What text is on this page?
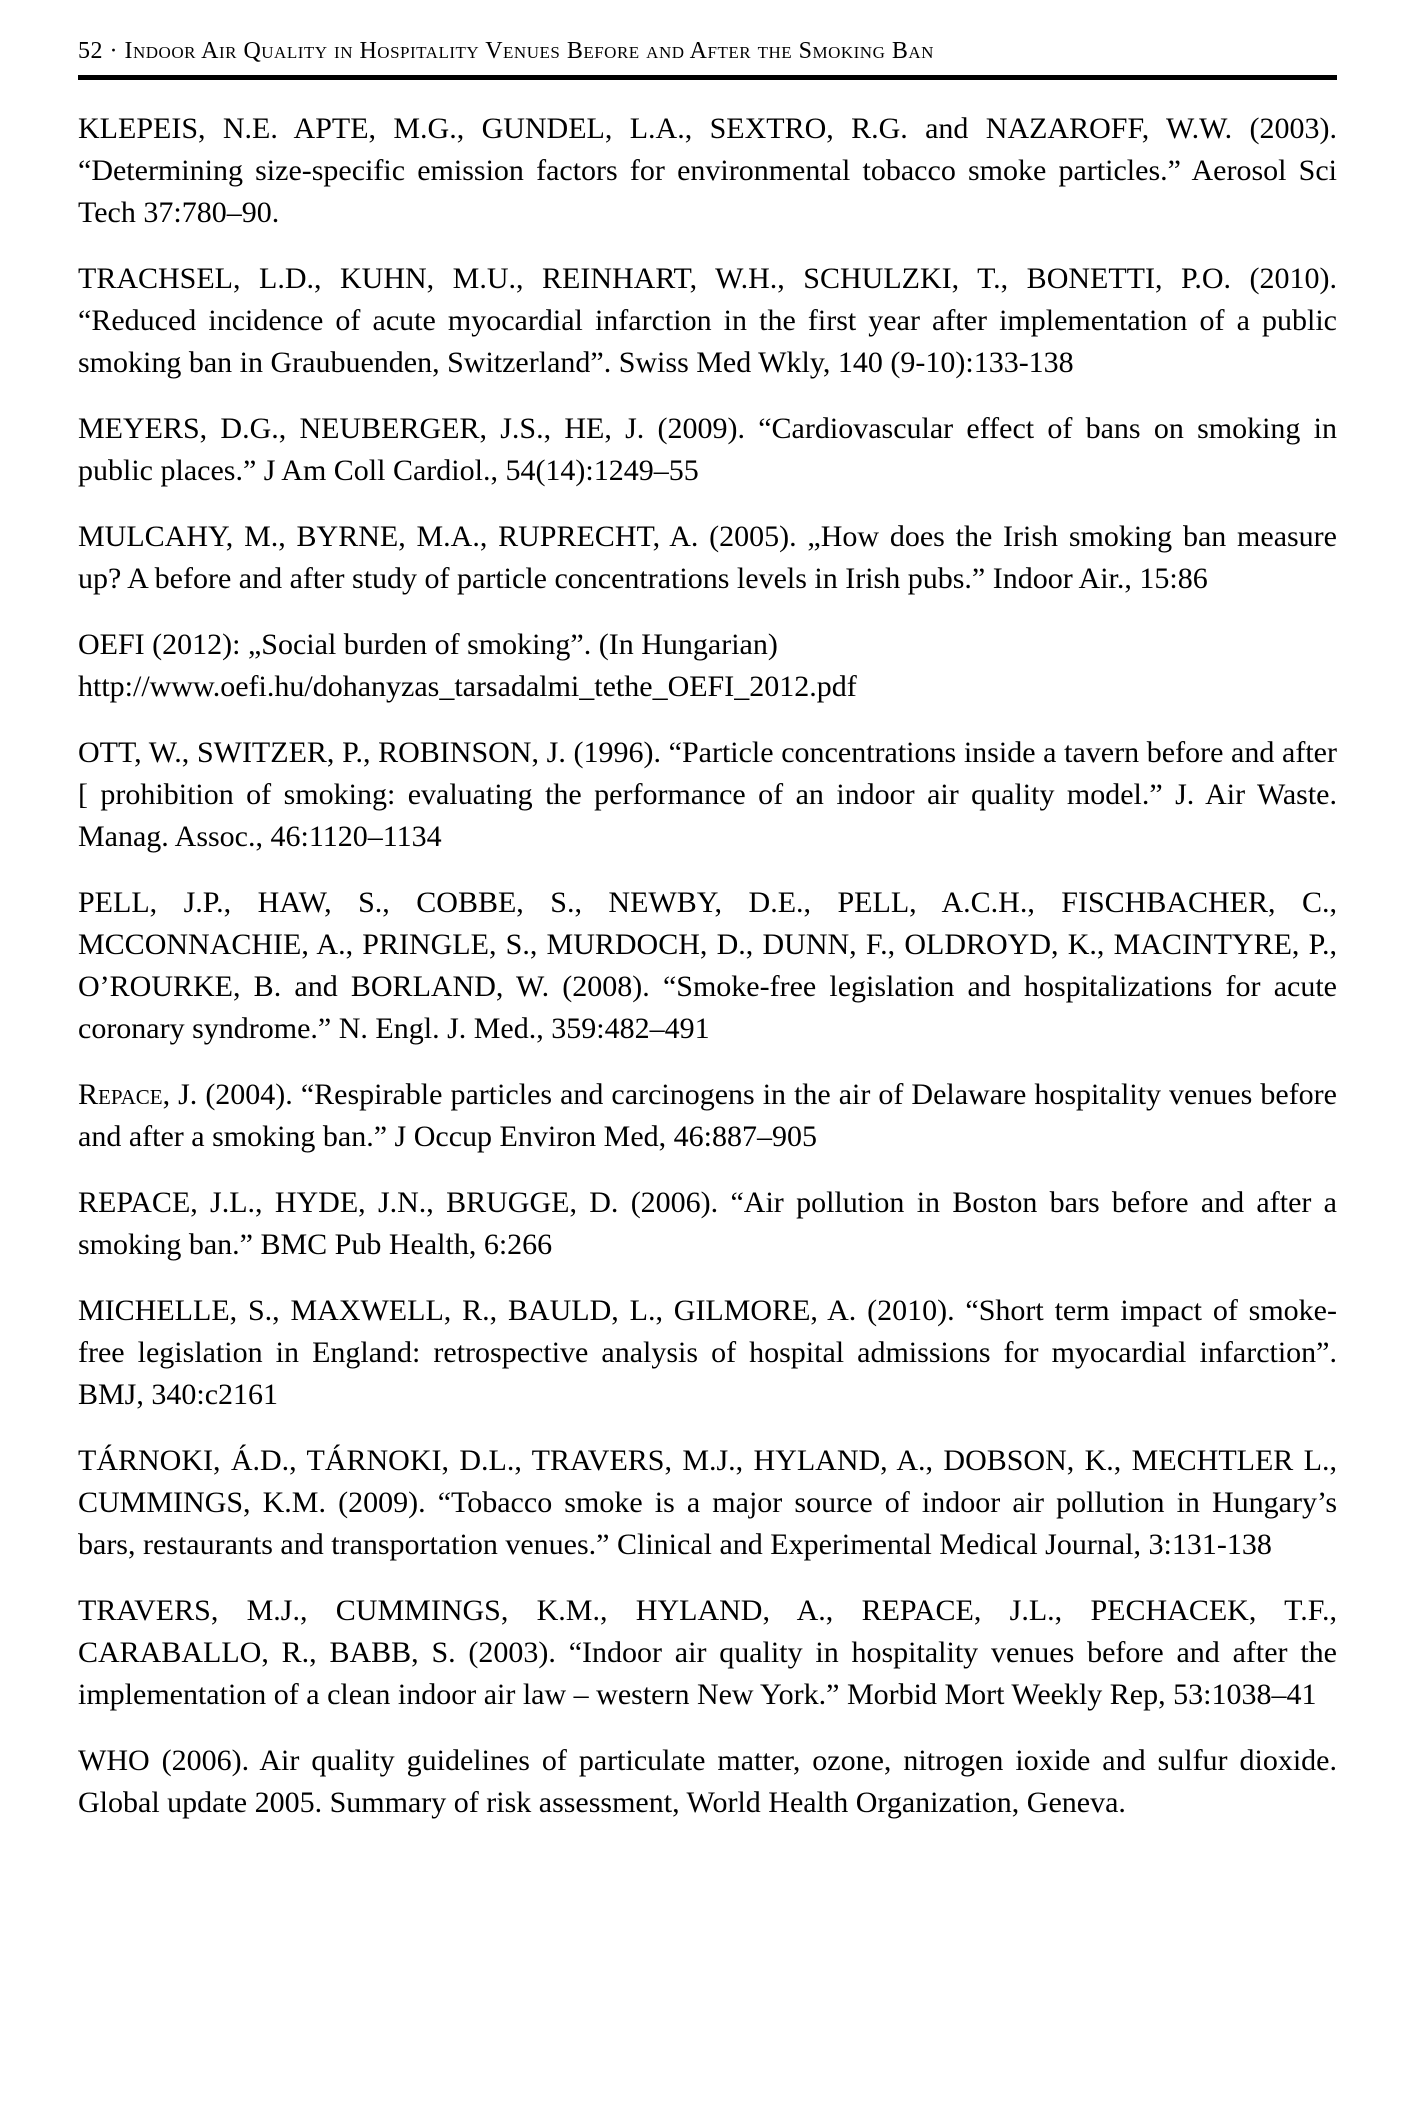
52 · Indoor Air Quality in Hospitality Venues Before and After the Smoking Ban

KLEPEIS, N.E. APTE, M.G., GUNDEL, L.A., SEXTRO, R.G. and NAZAROFF, W.W. (2003). “Determining size-specific emission factors for environmental tobacco smoke particles.” Aerosol Sci Tech 37:780–90.

TRACHSEL, L.D., KUHN, M.U., REINHART, W.H., SCHULZKI, T., BONETTI, P.O. (2010). “Reduced incidence of acute myocardial infarction in the first year after implementation of a public smoking ban in Graubuenden, Switzerland”. Swiss Med Wkly, 140 (9-10):133-138

MEYERS, D.G., NEUBERGER, J.S., HE, J. (2009). “Cardiovascular effect of bans on smoking in public places.” J Am Coll Cardiol., 54(14):1249–55

MULCAHY, M., BYRNE, M.A., RUPRECHT, A. (2005). „How does the Irish smoking ban measure up? A before and after study of particle concentrations levels in Irish pubs.” Indoor Air., 15:86

OEFI (2012): „Social burden of smoking”. (In Hungarian)
http://www.oefi.hu/dohanyzas_tarsadalmi_tethe_OEFI_2012.pdf

OTT, W., SWITZER, P., ROBINSON, J. (1996). “Particle concentrations inside a tavern before and after [ prohibition of smoking: evaluating the performance of an indoor air quality model.” J. Air Waste. Manag. Assoc., 46:1120–1134

PELL, J.P., HAW, S., COBBE, S., NEWBY, D.E., PELL, A.C.H., FISCHBACHER, C., MCCONNACHIE, A., PRINGLE, S., MURDOCH, D., DUNN, F., OLDROYD, K., MACINTYRE, P., O’ROURKE, B. and BORLAND, W. (2008). “Smoke-free legislation and hospitalizations for acute coronary syndrome.” N. Engl. J. Med., 359:482–491

Repace, J. (2004). “Respirable particles and carcinogens in the air of Delaware hospitality venues before and after a smoking ban.” J Occup Environ Med, 46:887–905

REPACE, J.L., HYDE, J.N., BRUGGE, D. (2006). “Air pollution in Boston bars before and after a smoking ban.” BMC Pub Health, 6:266

MICHELLE, S., MAXWELL, R., BAULD, L., GILMORE, A. (2010). “Short term impact of smoke-free legislation in England: retrospective analysis of hospital admissions for myocardial infarction”. BMJ, 340:c2161

TÁRNOKI, Á.D., TÁRNOKI, D.L., TRAVERS, M.J., HYLAND, A., DOBSON, K., MECHTLER L., CUMMINGS, K.M. (2009). “Tobacco smoke is a major source of indoor air pollution in Hungary’s bars, restaurants and transportation venues.” Clinical and Experimental Medical Journal, 3:131-138

TRAVERS, M.J., CUMMINGS, K.M., HYLAND, A., REPACE, J.L., PECHACEK, T.F., CARABALLO, R., BABB, S. (2003). “Indoor air quality in hospitality venues before and after the implementation of a clean indoor air law – western New York.” Morbid Mort Weekly Rep, 53:1038–41

WHO (2006). Air quality guidelines of particulate matter, ozone, nitrogen ioxide and sulfur dioxide. Global update 2005. Summary of risk assessment, World Health Organization, Geneva.
